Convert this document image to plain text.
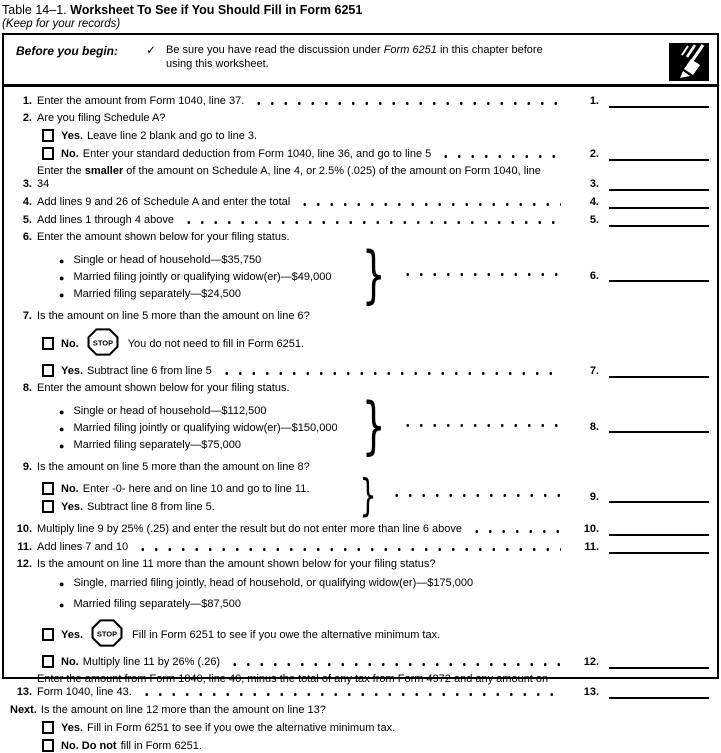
Table 14–1. Worksheet To See if You Should Fill in Form 6251
(Keep for your records)
Before you begin:	✓ Be sure you have read the discussion under Form 6251 in this chapter before using this worksheet.
1. Enter the amount from Form 1040, line 37.	1.
2. Are you filing Schedule A?
Yes. Leave line 2 blank and go to line 3.
No. Enter your standard deduction from Form 1040, line 36, and go to line 5	2.
3.
Enter the smaller of the amount on Schedule A, line 4, or 2.5% (.025) of the amount on Form 1040, line 34	3.
4. Add lines 9 and 26 of Schedule A and enter the total	4.
5. Add lines 1 through 4 above	5.
6. Enter the amount shown below for your filing status.
● Single or head of household—$35,750
● Married filing jointly or qualifying widow(er)—$49,000
● Married filing separately—$24,500 }	6.
7. Is the amount on line 5 more than the amount on line 6?
No. STOP You do not need to fill in Form 6251.
Yes. Subtract line 6 from line 5	7.
8. Enter the amount shown below for your filing status.
● Single or head of household—$112,500
● Married filing jointly or qualifying widow(er)—$150,000
● Married filing separately—$75,000 }	8.
9. Is the amount on line 5 more than the amount on line 8?
No. Enter -0- here and on line 10 and go to line 11.
Yes. Subtract line 8 from line 5.	}	9.
10. Multiply line 9 by 25% (.25) and enter the result but do not enter more than line 6 above	10.
11. Add lines 7 and 10	11.
12. Is the amount on line 11 more than the amount shown below for your filing status?
● Single, married filing jointly, head of household, or qualifying widow(er)—$175,000
● Married filing separately—$87,500
Yes. STOP Fill in Form 6251 to see if you owe the alternative minimum tax.
No. Multiply line 11 by 26% (.26)	12.
13.
Enter the amount from Form 1040, line 40, minus the total of any tax from Form 4972 and any amount on
Form 1040, line 43.	13.
Next. Is the amount on line 12 more than the amount on line 13?
Yes. Fill in Form 6251 to see if you owe the alternative minimum tax.
No. Do not fill in Form 6251.
